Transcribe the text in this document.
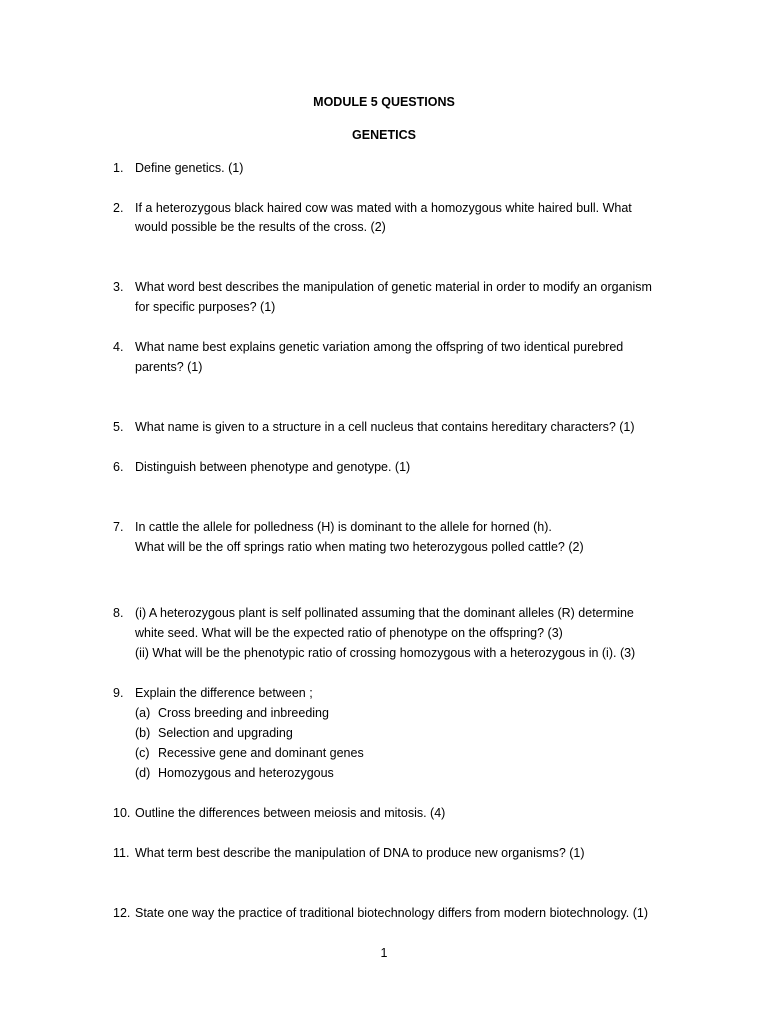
MODULE 5 QUESTIONS
GENETICS
1. Define genetics. (1)
2. If a heterozygous black haired cow was mated with a homozygous white haired bull. What
would possible be the results of the cross. (2)
3. What word best describes the manipulation of genetic material in order to modify an organism
for specific purposes? (1)
4. What name best explains genetic variation among the offspring of two identical purebred
parents? (1)
5. What name is given to a structure in a cell nucleus that contains hereditary characters? (1)
6. Distinguish between phenotype and genotype. (1)
7. In cattle the allele for polledness (H) is dominant to the allele for horned (h).
What will be the off springs ratio when mating two heterozygous polled cattle? (2)
8. (i) A heterozygous plant is self pollinated assuming that the dominant alleles (R) determine
white seed. What will be the expected ratio of phenotype on the offspring? (3)
(ii) What will be the phenotypic ratio of crossing homozygous with a heterozygous in (i). (3)
9. Explain the difference between ;
(a) Cross breeding and inbreeding
(b) Selection and upgrading
(c) Recessive gene and dominant genes
(d) Homozygous and heterozygous
10. Outline the differences between meiosis and mitosis. (4)
11. What term best describe the manipulation of DNA to produce new organisms? (1)
12. State one way the practice of traditional biotechnology differs from modern biotechnology. (1)
1
